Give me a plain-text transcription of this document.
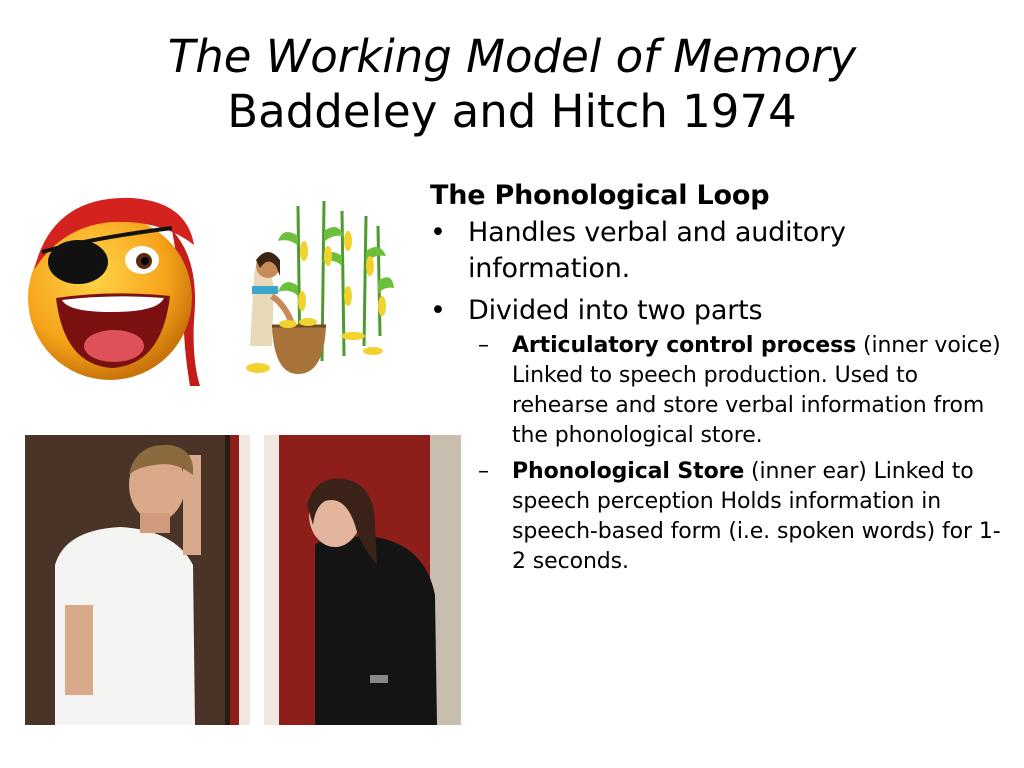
The Working Model of Memory
Baddeley and Hitch 1974
The Phonological Loop
• Handles verbal and auditory information.
• Divided into two parts
– Articulatory control process (inner voice) Linked to speech production. Used to rehearse and store verbal information from the phonological store.
– Phonological Store (inner ear) Linked to speech perception Holds information in speech-based form (i.e. spoken words) for 1-2 seconds.
